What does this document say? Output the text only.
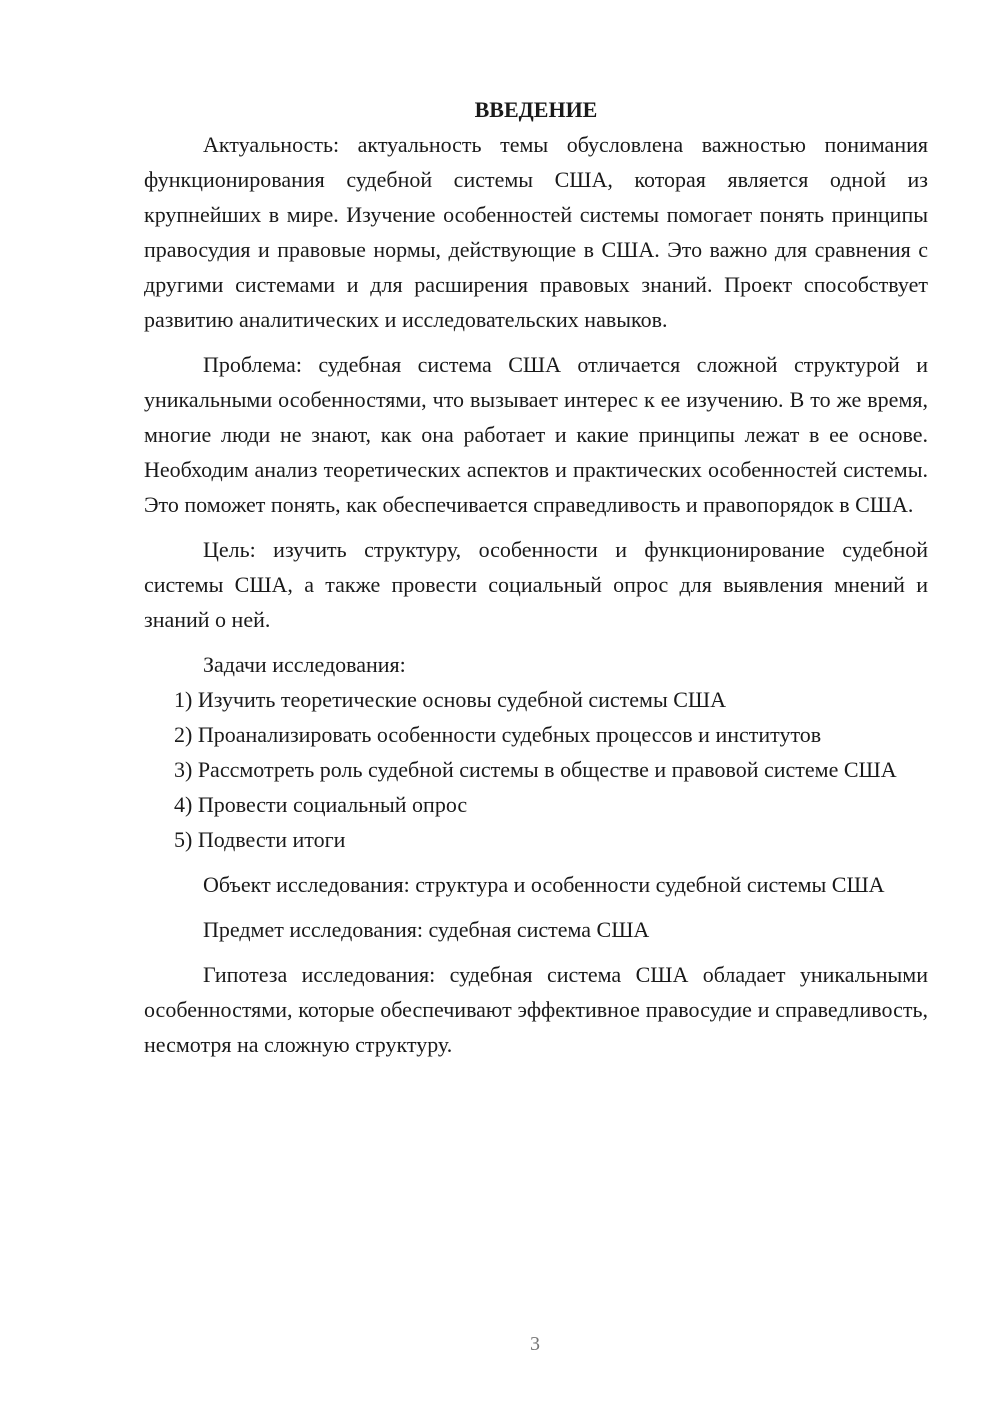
ВВЕДЕНИЕ

Актуальность: актуальность темы обусловлена важностью понимания функционирования судебной системы США, которая является одной из крупнейших в мире. Изучение особенностей системы помогает понять принципы правосудия и правовые нормы, действующие в США. Это важно для сравнения с другими системами и для расширения правовых знаний. Проект способствует развитию аналитических и исследовательских навыков.

Проблема: судебная система США отличается сложной структурой и уникальными особенностями, что вызывает интерес к ее изучению. В то же время, многие люди не знают, как она работает и какие принципы лежат в ее основе. Необходим анализ теоретических аспектов и практических особенностей системы. Это поможет понять, как обеспечивается справедливость и правопорядок в США.

Цель: изучить структуру, особенности и функционирование судебной системы США, а также провести социальный опрос для выявления мнений и знаний о ней.

Задачи исследования:

1) Изучить теоретические основы судебной системы США

2) Проанализировать особенности судебных процессов и институтов

3) Рассмотреть роль судебной системы в обществе и правовой системе США

4) Провести социальный опрос

5) Подвести итоги

Объект исследования: структура и особенности судебной системы США

Предмет исследования: судебная система США

Гипотеза исследования: судебная система США обладает уникальными особенностями, которые обеспечивают эффективное правосудие и справедливость, несмотря на сложную структуру.

3
